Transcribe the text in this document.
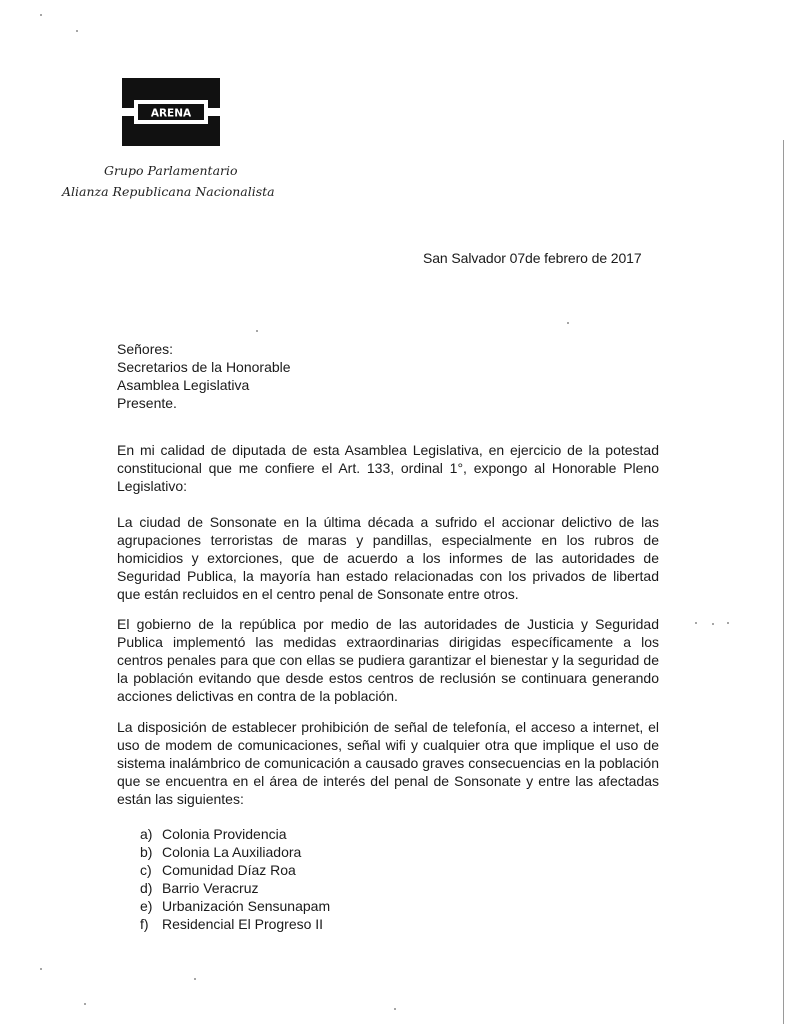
ARENA
Grupo Parlamentario
Alianza Republicana Nacionalista
San Salvador 07de febrero de 2017
Señores:
Secretarios de la Honorable
Asamblea Legislativa
Presente.

En mi calidad de diputada de esta Asamblea Legislativa, en ejercicio de la potestad constitucional que me confiere el Art. 133, ordinal 1°, expongo al Honorable Pleno Legislativo:

La ciudad de Sonsonate en la última década a sufrido el accionar delictivo de las agrupaciones terroristas de maras y pandillas, especialmente en los rubros de homicidios y extorciones, que de acuerdo a los informes de las autoridades de Seguridad Publica, la mayoría han estado relacionadas con los privados de libertad que están recluidos en el centro penal de Sonsonate entre otros.

El gobierno de la república por medio de las autoridades de Justicia y Seguridad Publica implementó las medidas extraordinarias dirigidas específicamente a los centros penales para que con ellas se pudiera garantizar el bienestar y la seguridad de la población evitando que desde estos centros de reclusión se continuara generando acciones delictivas en contra de la población.

La disposición de establecer prohibición de señal de telefonía, el acceso a internet, el uso de modem de comunicaciones, señal wifi y cualquier otra que implique el uso de sistema inalámbrico de comunicación a causado graves consecuencias en la población que se encuentra en el área de interés del penal de Sonsonate y entre las afectadas están las siguientes:

a) Colonia Providencia
b) Colonia La Auxiliadora
c) Comunidad Díaz Roa
d) Barrio Veracruz
e) Urbanización Sensunapam
f) Residencial El Progreso II
